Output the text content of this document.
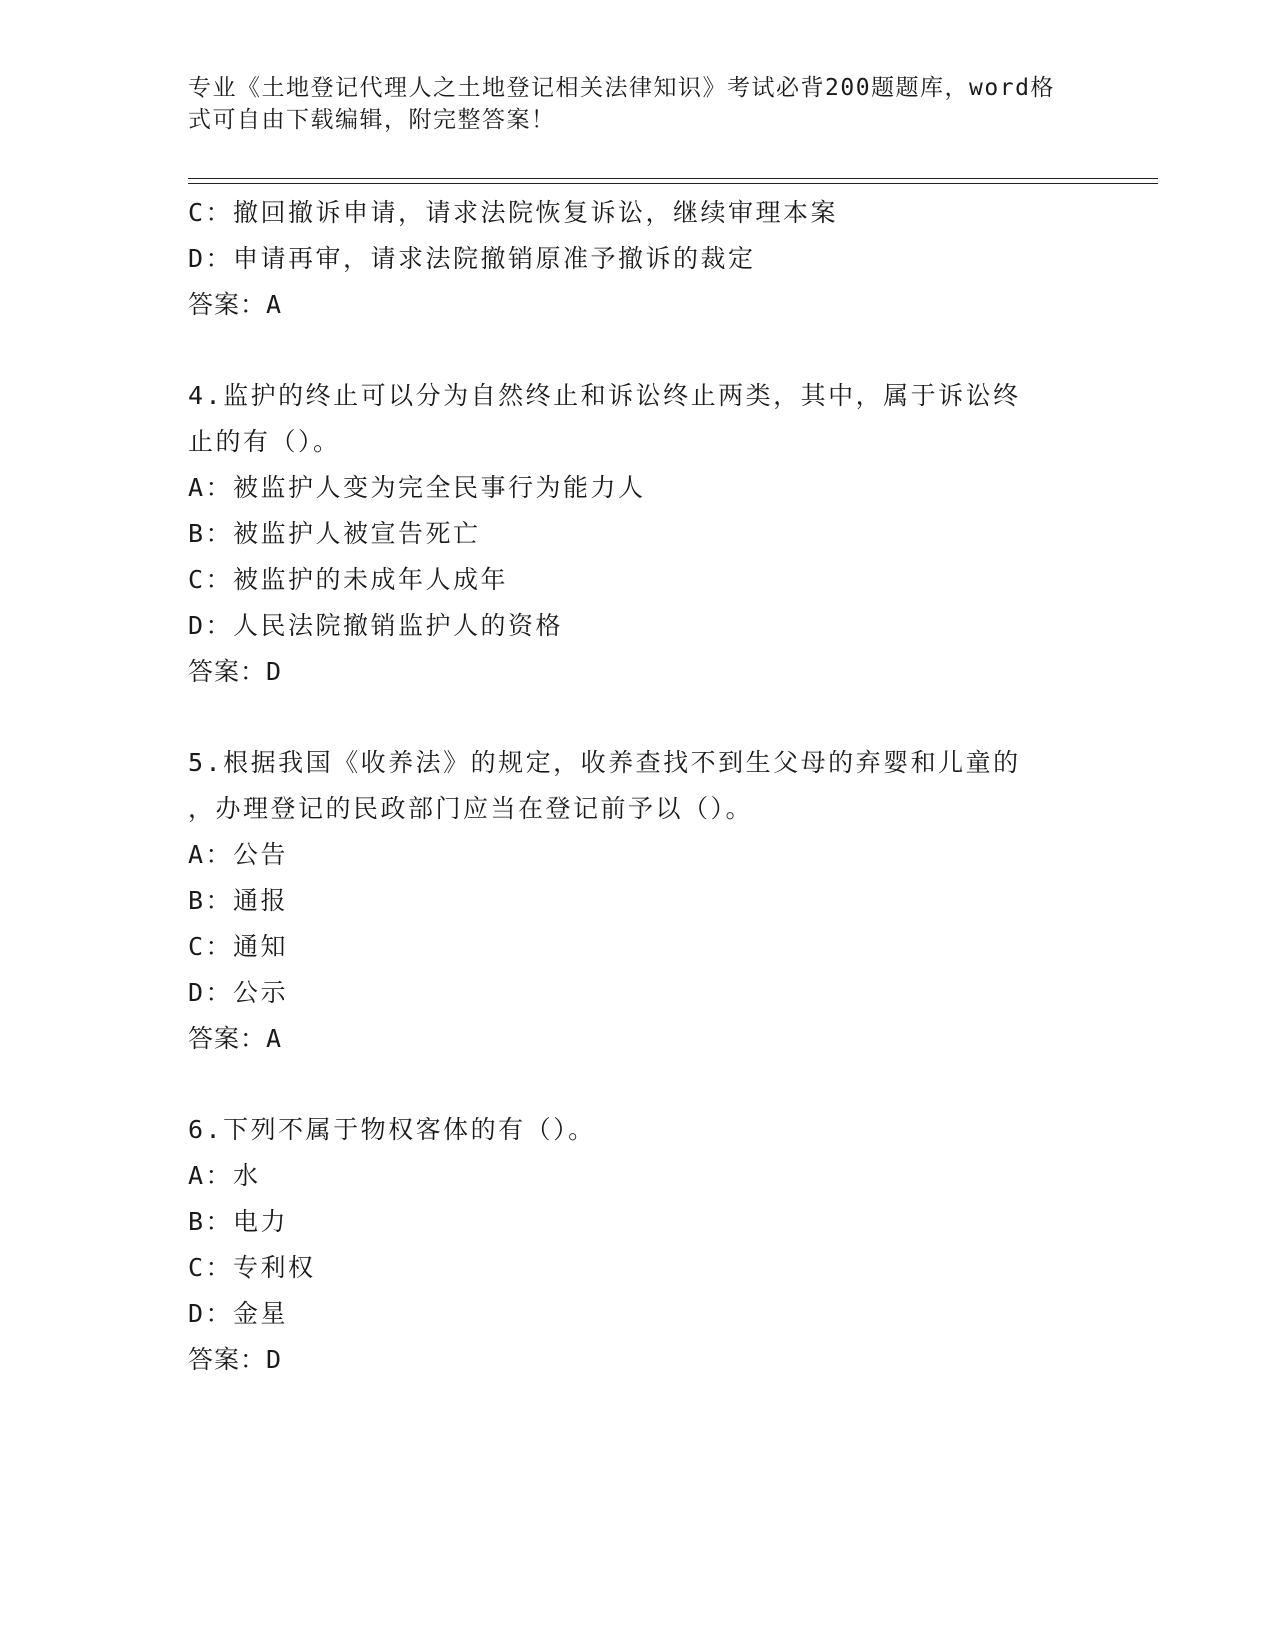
专业《土地登记代理人之土地登记相关法律知识》考试必背200题题库，word格
式可自由下载编辑，附完整答案！
C：撤回撤诉申请，请求法院恢复诉讼，继续审理本案
D：申请再审，请求法院撤销原准予撤诉的裁定
答案：A
4.监护的终止可以分为自然终止和诉讼终止两类，其中，属于诉讼终
止的有（）。
A：被监护人变为完全民事行为能力人
B：被监护人被宣告死亡
C：被监护的未成年人成年
D：人民法院撤销监护人的资格
答案：D
5.根据我国《收养法》的规定，收养查找不到生父母的弃婴和儿童的
，办理登记的民政部门应当在登记前予以（）。
A：公告
B：通报
C：通知
D：公示
答案：A
6.下列不属于物权客体的有（）。
A：水
B：电力
C：专利权
D：金星
答案：D
